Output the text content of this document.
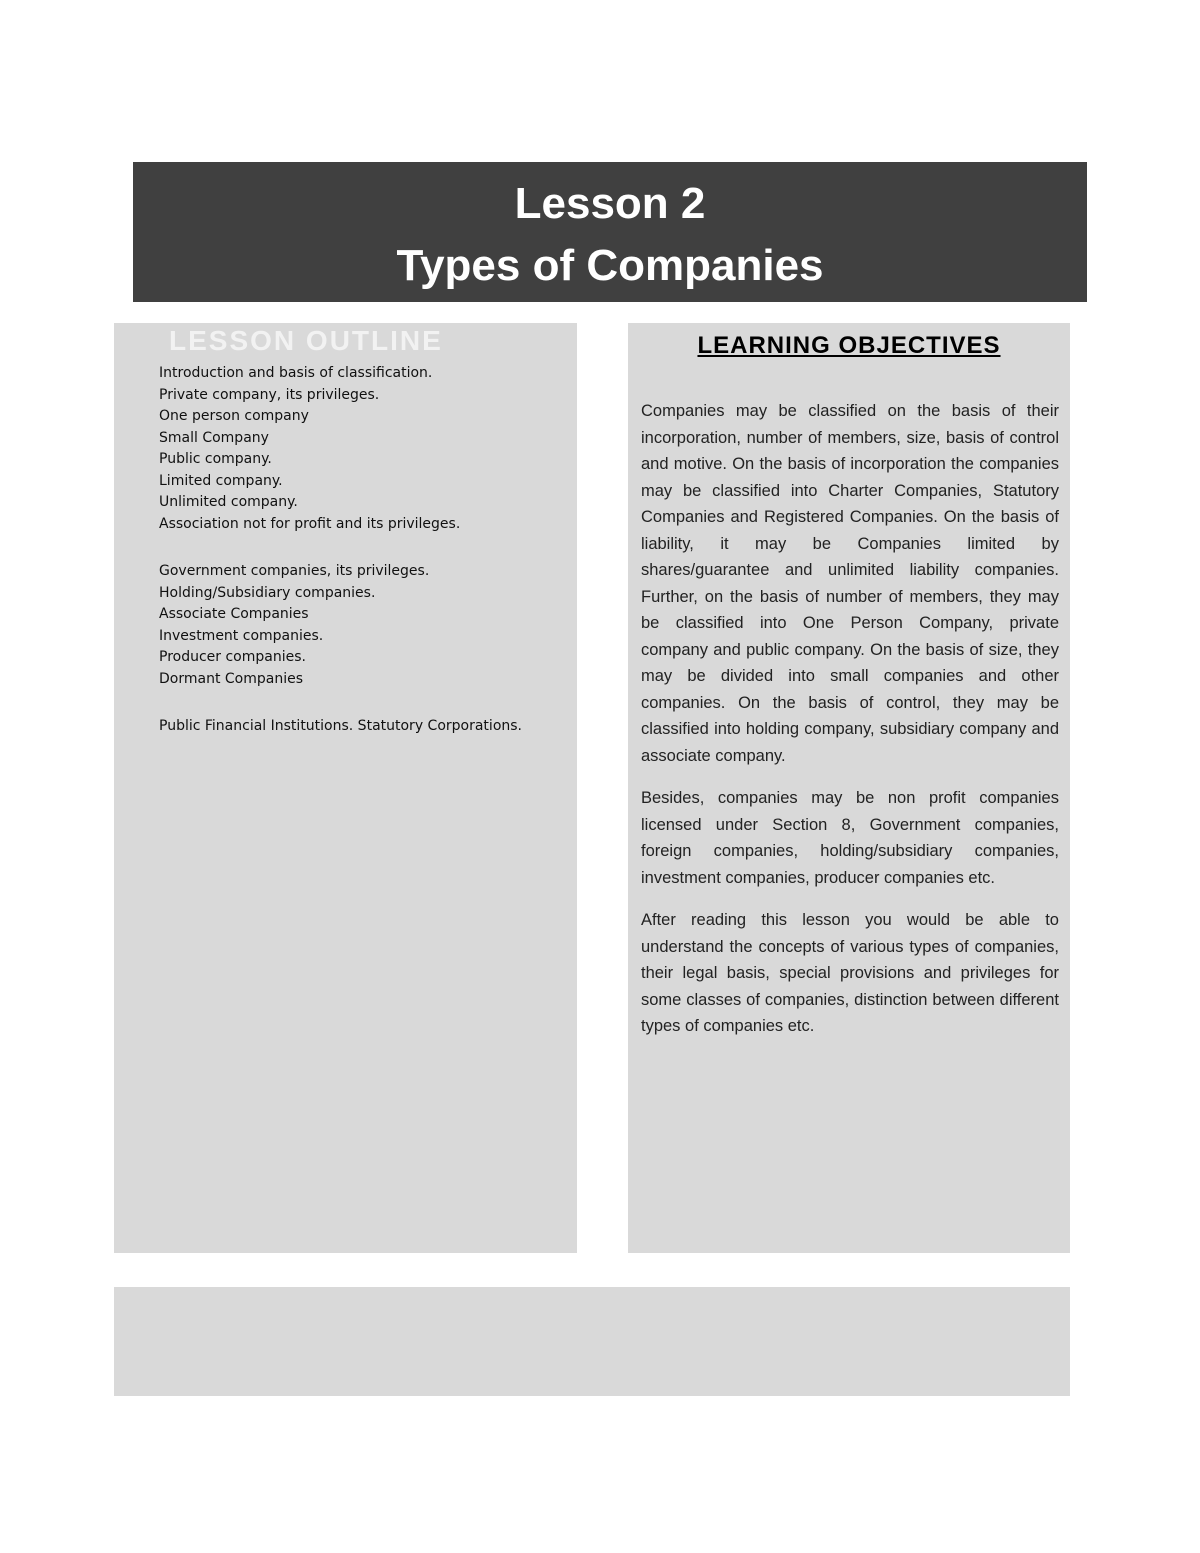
Lesson 2
Types of Companies
LESSON OUTLINE
Introduction and basis of classification.
Private company, its privileges.
One person company
Small Company
Public company.
Limited company.
Unlimited company.
Association not for profit and its privileges.
Government companies, its privileges.
Holding/Subsidiary companies.
Associate Companies
Investment companies.
Producer companies.
Dormant Companies
Public Financial Institutions. Statutory Corporations.
LEARNING OBJECTIVES

Companies may be classified on the basis of their incorporation, number of members, size, basis of control and motive. On the basis of incorporation the companies may be classified into Charter Companies, Statutory Companies and Registered Companies. On the basis of liability, it may be Companies limited by shares/guarantee and unlimited liability companies. Further, on the basis of number of members, they may be classified into One Person Company, private company and public company. On the basis of size, they may be divided into small companies and other companies. On the basis of control, they may be classified into holding company, subsidiary company and associate company.

Besides, companies may be non profit companies licensed under Section 8, Government companies, foreign companies, holding/subsidiary companies, investment companies, producer companies etc.

After reading this lesson you would be able to understand the concepts of various types of companies, their legal basis, special provisions and privileges for some classes of companies, distinction between different types of companies etc.
